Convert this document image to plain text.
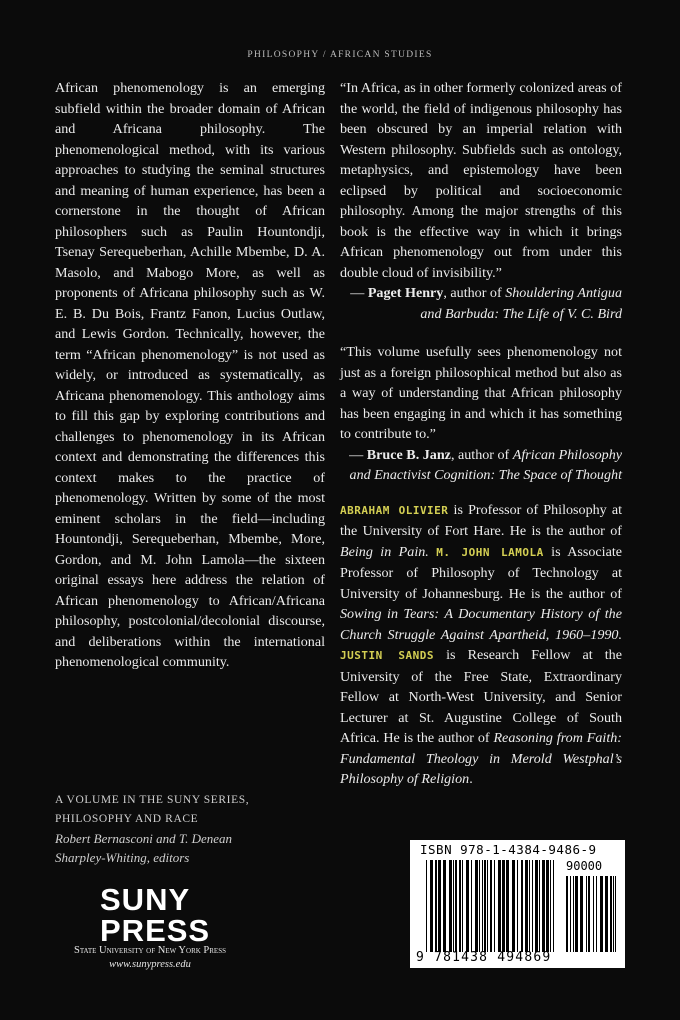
PHILOSOPHY / AFRICAN STUDIES
African phenomenology is an emerging subfield within the broader domain of African and Africana philosophy. The phenomenological method, with its various approaches to studying the seminal structures and meaning of human experience, has been a cornerstone in the thought of African philosophers such as Paulin Hountondji, Tsenay Serequeberhan, Achille Mbembe, D. A. Masolo, and Mabogo More, as well as proponents of Africana philosophy such as W. E. B. Du Bois, Frantz Fanon, Lucius Outlaw, and Lewis Gordon. Technically, however, the term “African phenomenology” is not used as widely, or introduced as systematically, as Africana phenomenology. This anthology aims to fill this gap by exploring contributions and challenges to phenomenology in its African context and demonstrating the differences this context makes to the practice of phenomenology. Written by some of the most eminent scholars in the field—including Hountondji, Serequeberhan, Mbembe, More, Gordon, and M. John Lamola—the sixteen original essays here address the relation of African phenomenology to African/Africana philosophy, postcolonial/decolonial discourse, and deliberations within the international phenomenological community.

“In Africa, as in other formerly colonized areas of the world, the field of indigenous philosophy has been obscured by an imperial relation with Western philosophy. Subfields such as ontology, metaphysics, and epistemology have been eclipsed by political and socioeconomic philosophy. Among the major strengths of this book is the effective way in which it brings African phenomenology out from under this double cloud of invisibility.”

— Paget Henry, author of Shouldering Antigua
and Barbuda: The Life of V. C. Bird

“This volume usefully sees phenomenology not just as a foreign philosophical method but also as a way of understanding that African philosophy has been engaging in and which it has something to contribute to.”

— Bruce B. Janz, author of African Philosophy
and Enactivist Cognition: The Space of Thought

ABRAHAM OLIVIER is Professor of Philosophy at the University of Fort Hare. He is the author of Being in Pain. M. JOHN LAMOLA is Associate Professor of Philosophy of Technology at University of Johannesburg. He is the author of Sowing in Tears: A Documentary History of the Church Struggle Against Apartheid, 1960–1990. JUSTIN SANDS is Research Fellow at the University of the Free State, Extraordinary Fellow at North-West University, and Senior Lecturer at St. Augustine College of South Africa. He is the author of Reasoning from Faith: Fundamental Theology in Merold Westphal’s Philosophy of Religion.

A VOLUME IN THE SUNY SERIES,
PHILOSOPHY AND RACE
Robert Bernasconi and T. Denean
Sharpley-Whiting, editors
SUNY
PRESS
State University of New York Press
www.sunypress.edu
ISBN 978-1-4384-9486-9
90000
9 781438 494869
